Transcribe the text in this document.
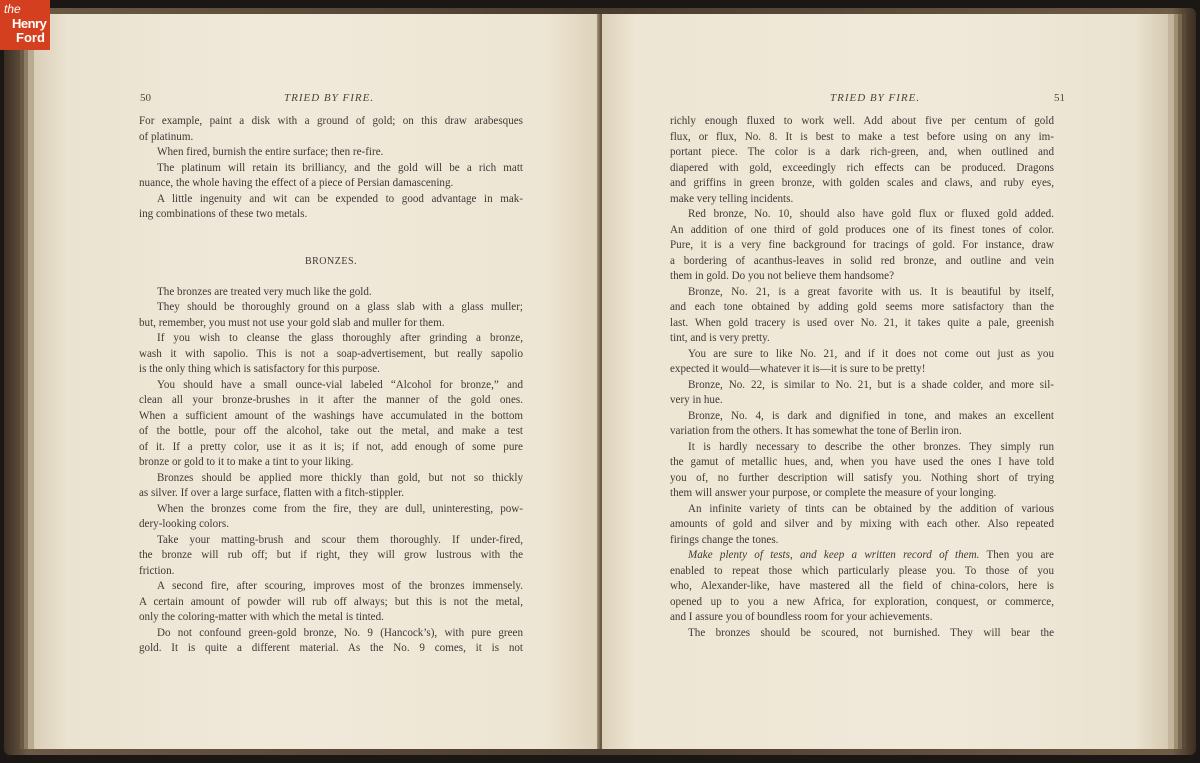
the
Henry
Ford
50	TRIED BY FIRE.
For example, paint a disk with a ground of gold; on this draw arabesques
of platinum.
When fired, burnish the entire surface; then re-fire.
The platinum will retain its brilliancy, and the gold will be a rich matt
nuance, the whole having the effect of a piece of Persian damascening.
A little ingenuity and wit can be expended to good advantage in mak-
ing combinations of these two metals.
BRONZES.
The bronzes are treated very much like the gold.
They should be thoroughly ground on a glass slab with a glass muller;
but, remember, you must not use your gold slab and muller for them.
If you wish to cleanse the glass thoroughly after grinding a bronze,
wash it with sapolio. This is not a soap-advertisement, but really sapolio
is the only thing which is satisfactory for this purpose.
You should have a small ounce-vial labeled “Alcohol for bronze,” and
clean all your bronze-brushes in it after the manner of the gold ones.
When a sufficient amount of the washings have accumulated in the bottom
of the bottle, pour off the alcohol, take out the metal, and make a test
of it. If a pretty color, use it as it is; if not, add enough of some pure
bronze or gold to it to make a tint to your liking.
Bronzes should be applied more thickly than gold, but not so thickly
as silver. If over a large surface, flatten with a fitch-stippler.
When the bronzes come from the fire, they are dull, uninteresting, pow-
dery-looking colors.
Take your matting-brush and scour them thoroughly. If under-fired,
the bronze will rub off; but if right, they will grow lustrous with the
friction.
A second fire, after scouring, improves most of the bronzes immensely.
A certain amount of powder will rub off always; but this is not the metal,
only the coloring-matter with which the metal is tinted.
Do not confound green-gold bronze, No. 9 (Hancock’s), with pure green
gold. It is quite a different material. As the No. 9 comes, it is not
TRIED BY FIRE.	51
richly enough fluxed to work well. Add about five per centum of gold
flux, or flux, No. 8. It is best to make a test before using on any im-
portant piece. The color is a dark rich-green, and, when outlined and
diapered with gold, exceedingly rich effects can be produced. Dragons
and griffins in green bronze, with golden scales and claws, and ruby eyes,
make very telling incidents.
Red bronze, No. 10, should also have gold flux or fluxed gold added.
An addition of one third of gold produces one of its finest tones of color.
Pure, it is a very fine background for tracings of gold. For instance, draw
a bordering of acanthus-leaves in solid red bronze, and outline and vein
them in gold. Do you not believe them handsome?
Bronze, No. 21, is a great favorite with us. It is beautiful by itself,
and each tone obtained by adding gold seems more satisfactory than the
last. When gold tracery is used over No. 21, it takes quite a pale, greenish
tint, and is very pretty.
You are sure to like No. 21, and if it does not come out just as you
expected it would—whatever it is—it is sure to be pretty!
Bronze, No. 22, is similar to No. 21, but is a shade colder, and more sil-
very in hue.
Bronze, No. 4, is dark and dignified in tone, and makes an excellent
variation from the others. It has somewhat the tone of Berlin iron.
It is hardly necessary to describe the other bronzes. They simply run
the gamut of metallic hues, and, when you have used the ones I have told
you of, no further description will satisfy you. Nothing short of trying
them will answer your purpose, or complete the measure of your longing.
An infinite variety of tints can be obtained by the addition of various
amounts of gold and silver and by mixing with each other. Also repeated
firings change the tones.
Make plenty of tests, and keep a written record of them. Then you are
enabled to repeat those which particularly please you. To those of you
who, Alexander-like, have mastered all the field of china-colors, here is
opened up to you a new Africa, for exploration, conquest, or commerce,
and I assure you of boundless room for your achievements.
The bronzes should be scoured, not burnished. They will bear the
